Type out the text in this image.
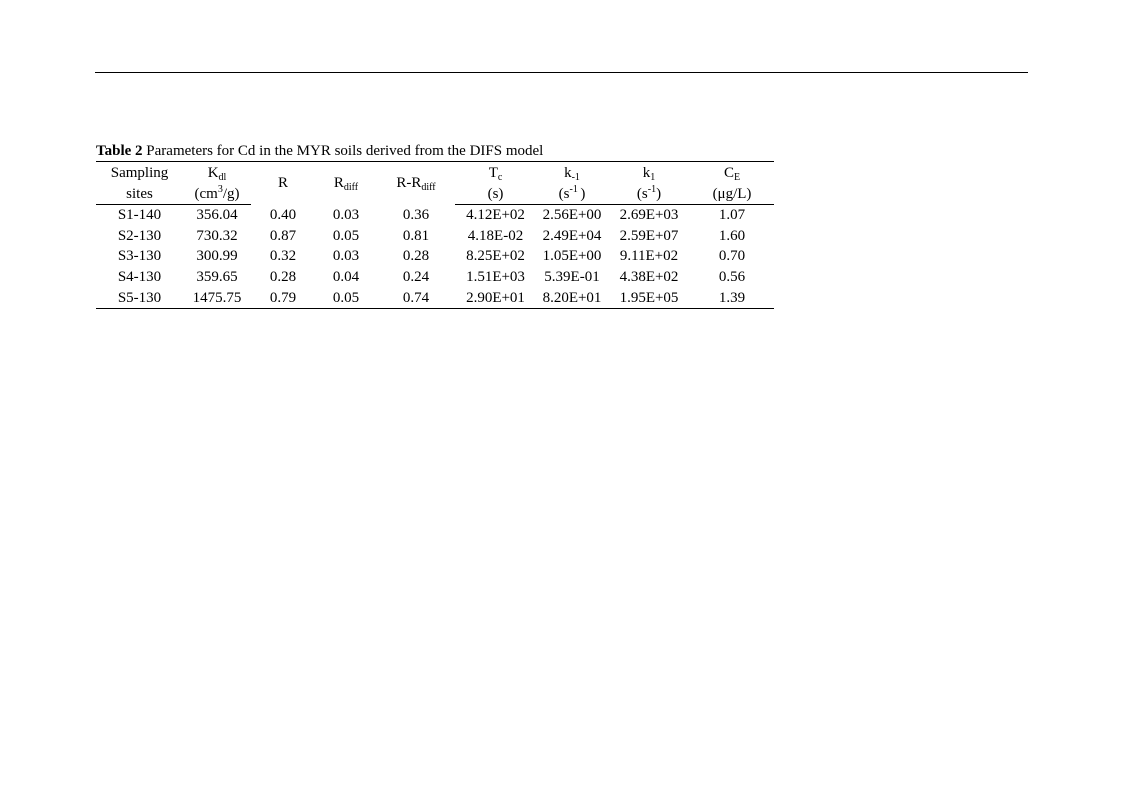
Table 2 Parameters for Cd in the MYR soils derived from the DIFS model
Sampling	$K_{dl}$	R	$R_{diff}$	$R-R_{diff}$	$T_c$	$k_{-1}$	$k_1$	$C_E$
sites	$(cm^3/g)$				(s)	($s^{-1}$ )	$(s^{-1})$	(μg/L)
S1-140	356.04	0.40	0.03	0.36	4.12E+02	2.56E+00	2.69E+03	1.07
S2-130	730.32	0.87	0.05	0.81	4.18E-02	2.49E+04	2.59E+07	1.60
S3-130	300.99	0.32	0.03	0.28	8.25E+02	1.05E+00	9.11E+02	0.70
S4-130	359.65	0.28	0.04	0.24	1.51E+03	5.39E-01	4.38E+02	0.56
S5-130	1475.75	0.79	0.05	0.74	2.90E+01	8.20E+01	1.95E+05	1.39
